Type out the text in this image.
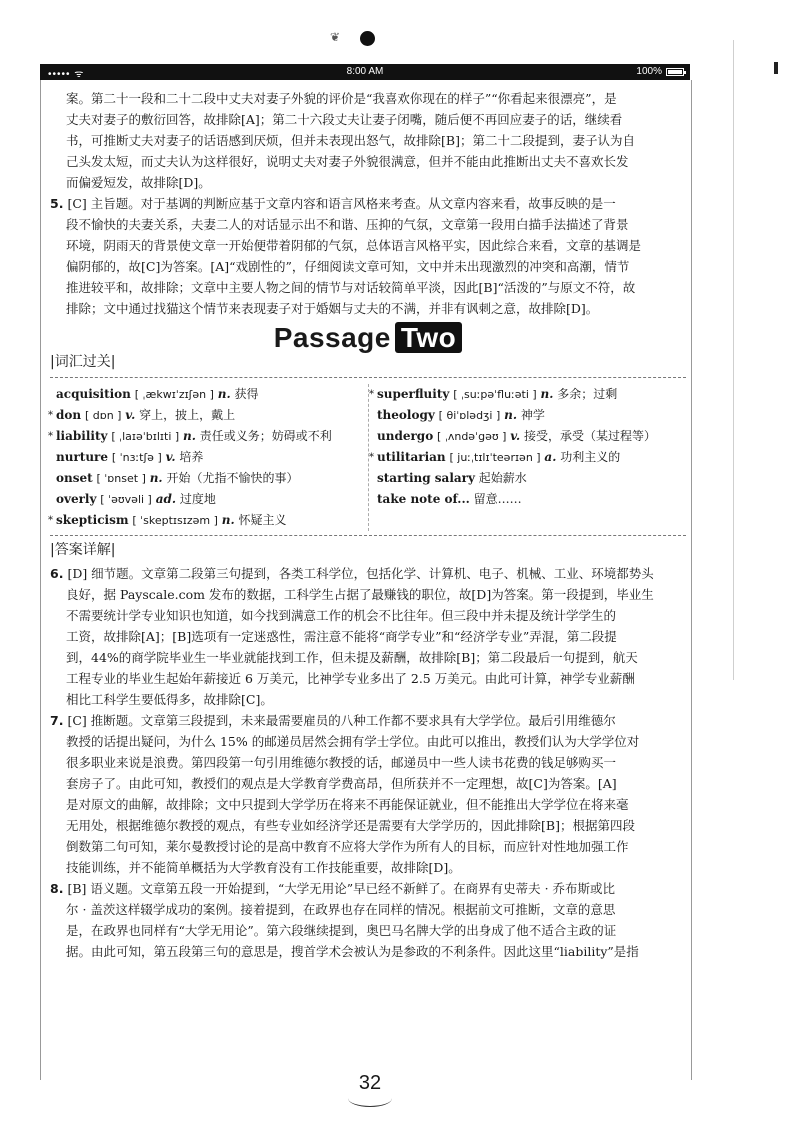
❦
••••• ᯤ	8:00 AM	100%

案。第二十一段和二十二段中丈夫对妻子外貌的评价是“我喜欢你现在的样子”“你看起来很漂亮”，是

丈夫对妻子的敷衍回答，故排除[A]；第二十六段丈夫让妻子闭嘴，随后便不再回应妻子的话，继续看

书，可推断丈夫对妻子的话语感到厌烦，但并未表现出怒气，故排除[B]；第二十二段提到，妻子认为自

己头发太短，而丈夫认为这样很好，说明丈夫对妻子外貌很满意，但并不能由此推断出丈夫不喜欢长发

而偏爱短发，故排除[D]。

5. [C] 主旨题。对于基调的判断应基于文章内容和语言风格来考查。从文章内容来看，故事反映的是一

段不愉快的夫妻关系，夫妻二人的对话显示出不和谐、压抑的气氛，文章第一段用白描手法描述了背景

环境，阴雨天的背景使文章一开始便带着阴郁的气氛，总体语言风格平实，因此综合来看，文章的基调是

偏阴郁的，故[C]为答案。[A]“戏剧性的”，仔细阅读文章可知，文中并未出现激烈的冲突和高潮，情节

推进较平和，故排除；文章中主要人物之间的情节与对话较简单平淡，因此[B]“活泼的”与原文不符，故

排除；文中通过找猫这个情节来表现妻子对于婚姻与丈夫的不满，并非有讽刺之意，故排除[D]。

Passage Two
|词汇过关|
acquisition [ ˌækwɪˈzɪʃən ] n. 获得
* don [ dɒn ] v. 穿上，披上，戴上
* liability [ ˌlaɪəˈbɪlɪti ] n. 责任或义务；妨碍或不利
nurture [ ˈnɜːtʃə ] v. 培养
onset [ ˈɒnset ] n. 开始（尤指不愉快的事）
overly [ ˈəʊvəli ] ad. 过度地
* skepticism [ ˈskeptɪsɪzəm ] n. 怀疑主义
* superfluity [ ˌsuːpəˈfluːəti ] n. 多余；过剩
theology [ θiˈɒlədʒi ] n. 神学
undergo [ ˌʌndəˈgəʊ ] v. 接受，承受（某过程等）
* utilitarian [ juːˌtɪlɪˈteərɪən ] a. 功利主义的
starting salary 起始薪水
take note of... 留意……
|答案详解|

6. [D] 细节题。文章第二段第三句提到，各类工科学位，包括化学、计算机、电子、机械、工业、环境都势头

良好，据 Payscale.com 发布的数据，工科学生占据了最赚钱的职位，故[D]为答案。第一段提到，毕业生

不需要统计学专业知识也知道，如今找到满意工作的机会不比往年。但三段中并未提及统计学学生的

工资，故排除[A]；[B]选项有一定迷惑性，需注意不能将“商学专业”和“经济学专业”弄混，第二段提

到，44%的商学院毕业生一毕业就能找到工作，但未提及薪酬，故排除[B]；第二段最后一句提到，航天

工程专业的毕业生起始年薪接近 6 万美元，比神学专业多出了 2.5 万美元。由此可计算，神学专业薪酬

相比工科学生要低得多，故排除[C]。

7. [C] 推断题。文章第三段提到，未来最需要雇员的八种工作都不要求具有大学学位。最后引用维德尔

教授的话提出疑问，为什么 15% 的邮递员居然会拥有学士学位。由此可以推出，教授们认为大学学位对

很多职业来说是浪费。第四段第一句引用维德尔教授的话，邮递员中一些人读书花费的钱足够购买一

套房子了。由此可知，教授们的观点是大学教育学费高昂，但所获并不一定理想，故[C]为答案。[A]

是对原文的曲解，故排除；文中只提到大学学历在将来不再能保证就业，但不能推出大学学位在将来毫

无用处，根据维德尔教授的观点，有些专业如经济学还是需要有大学学历的，因此排除[B]；根据第四段

倒数第二句可知，莱尔曼教授讨论的是高中教育不应将大学作为所有人的目标，而应针对性地加强工作

技能训练，并不能简单概括为大学教育没有工作技能重要，故排除[D]。

8. [B] 语义题。文章第五段一开始提到，“大学无用论”早已经不新鲜了。在商界有史蒂夫 · 乔布斯或比

尔 · 盖茨这样辍学成功的案例。接着提到，在政界也存在同样的情况。根据前文可推断，文章的意思

是，在政界也同样有“大学无用论”。第六段继续提到，奥巴马名牌大学的出身成了他不适合主政的证

据。由此可知，第五段第三句的意思是，搜首学术会被认为是参政的不利条件。因此这里“liability”是指

32
